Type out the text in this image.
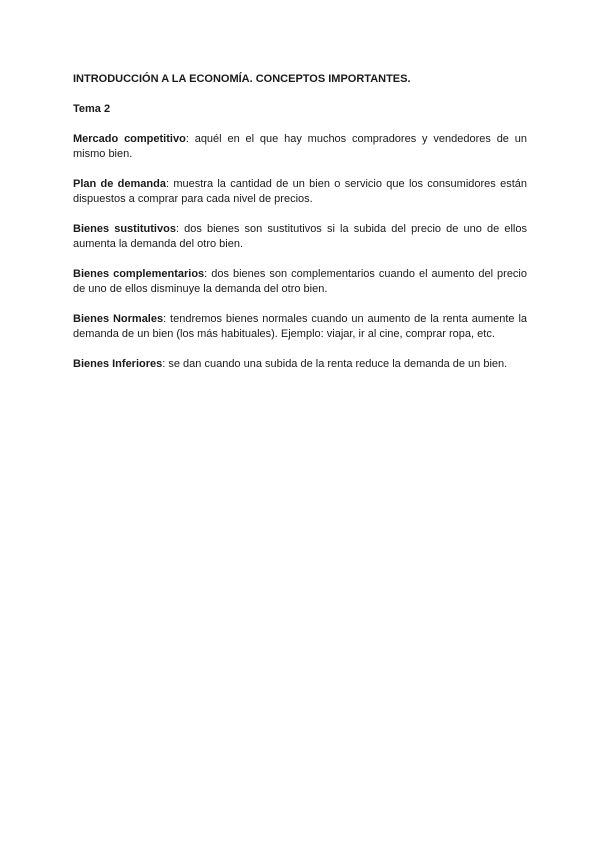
INTRODUCCIÓN A LA ECONOMÍA. CONCEPTOS IMPORTANTES.

Tema 2

Mercado competitivo: aquél en el que hay muchos compradores y vendedores de un mismo bien.

Plan de demanda: muestra la cantidad de un bien o servicio que los consumidores están dispuestos a comprar para cada nivel de precios.

Bienes sustitutivos: dos bienes son sustitutivos si la subida del precio de uno de ellos aumenta la demanda del otro bien.

Bienes complementarios: dos bienes son complementarios cuando el aumento del precio de uno de ellos disminuye la demanda del otro bien.

Bienes Normales: tendremos bienes normales cuando un aumento de la renta aumente la demanda de un bien (los más habituales). Ejemplo: viajar, ir al cine, comprar ropa, etc.

Bienes Inferiores: se dan cuando una subida de la renta reduce la demanda de un bien.
